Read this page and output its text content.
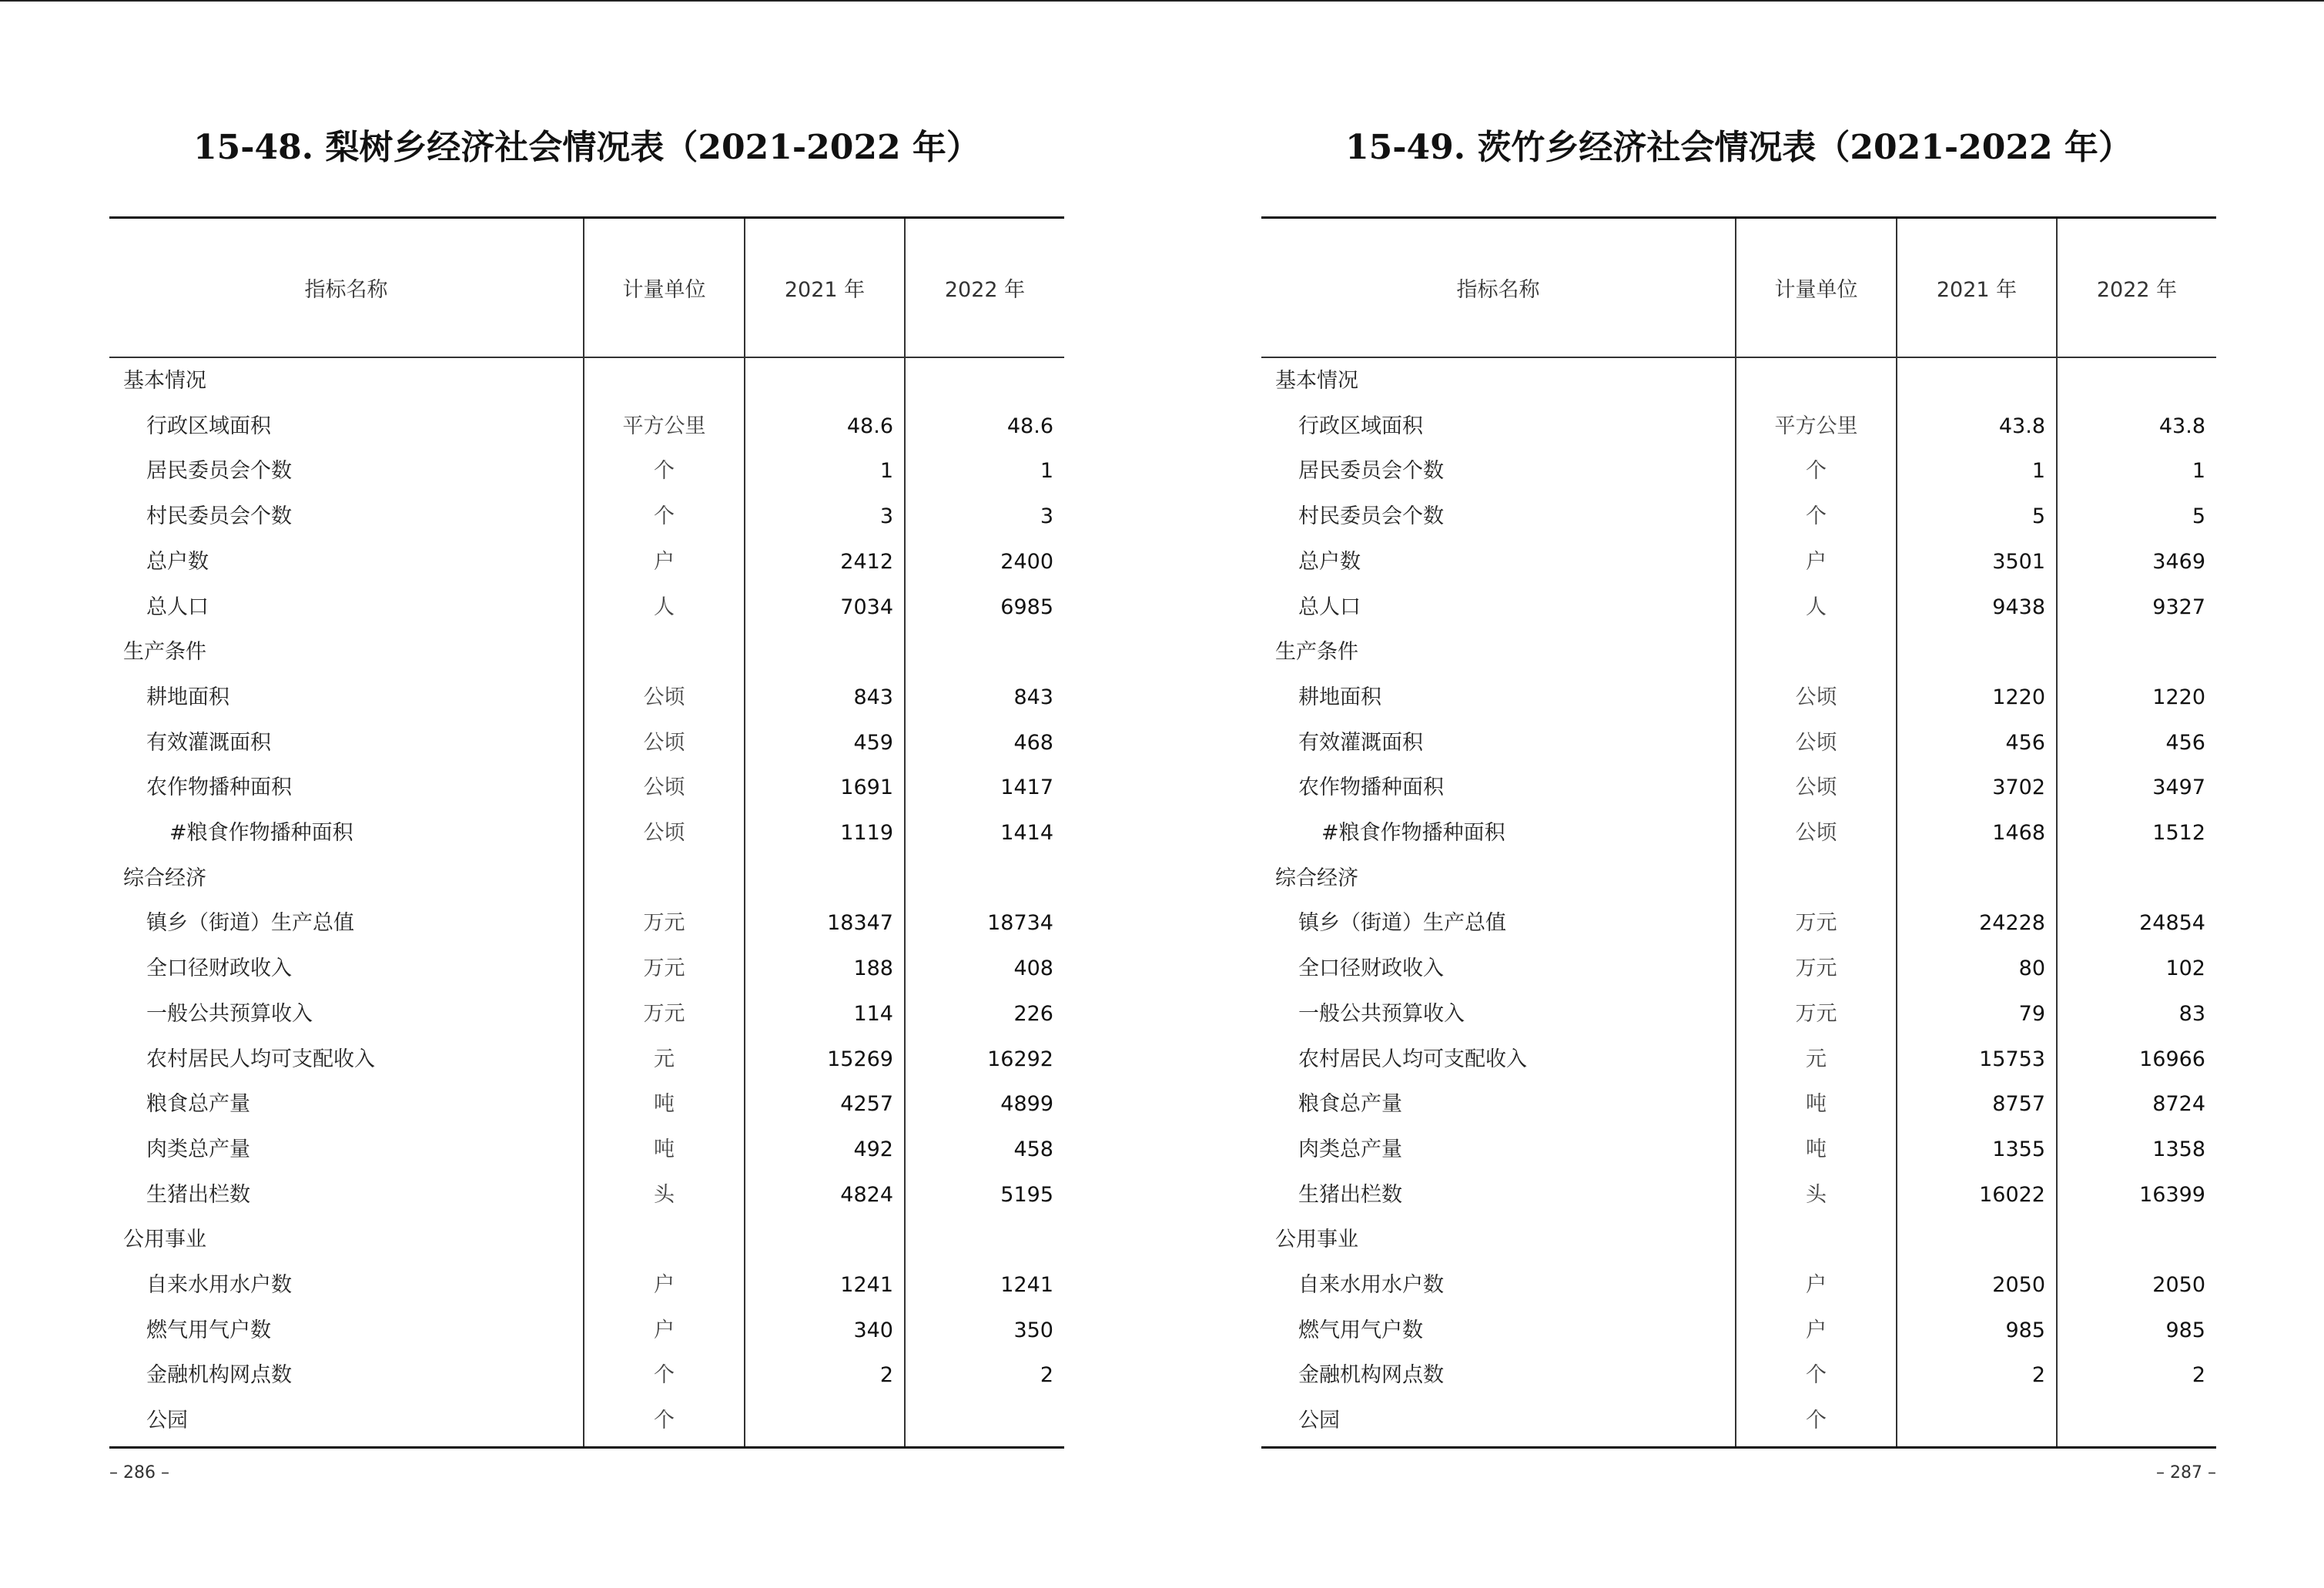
15-48. 梨树乡经济社会情况表（2021-2022 年）
指标名称	计量单位	2021 年	2022 年
基本情况
行政区域面积	平方公里	48.6	48.6
居民委员会个数	个	1	1
村民委员会个数	个	3	3
总户数	户	2412	2400
总人口	人	7034	6985
生产条件
耕地面积	公顷	843	843
有效灌溉面积	公顷	459	468
农作物播种面积	公顷	1691	1417
#粮食作物播种面积	公顷	1119	1414
综合经济
镇乡（街道）生产总值	万元	18347	18734
全口径财政收入	万元	188	408
一般公共预算收入	万元	114	226
农村居民人均可支配收入	元	15269	16292
粮食总产量	吨	4257	4899
肉类总产量	吨	492	458
生猪出栏数	头	4824	5195
公用事业
自来水用水户数	户	1241	1241
燃气用气户数	户	340	350
金融机构网点数	个	2	2
公园	个
– 286 –
15-49. 茨竹乡经济社会情况表（2021-2022 年）
指标名称	计量单位	2021 年	2022 年
基本情况
行政区域面积	平方公里	43.8	43.8
居民委员会个数	个	1	1
村民委员会个数	个	5	5
总户数	户	3501	3469
总人口	人	9438	9327
生产条件
耕地面积	公顷	1220	1220
有效灌溉面积	公顷	456	456
农作物播种面积	公顷	3702	3497
#粮食作物播种面积	公顷	1468	1512
综合经济
镇乡（街道）生产总值	万元	24228	24854
全口径财政收入	万元	80	102
一般公共预算收入	万元	79	83
农村居民人均可支配收入	元	15753	16966
粮食总产量	吨	8757	8724
肉类总产量	吨	1355	1358
生猪出栏数	头	16022	16399
公用事业
自来水用水户数	户	2050	2050
燃气用气户数	户	985	985
金融机构网点数	个	2	2
公园	个
– 287 –
